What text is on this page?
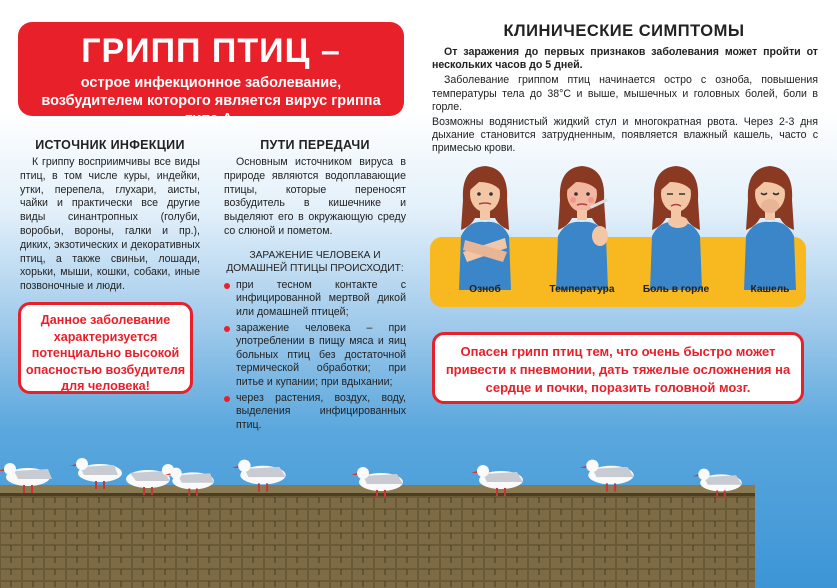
ГРИПП ПТИЦ –
острое инфекционное заболевание, возбудителем которого является вирус гриппа типа А.
ИСТОЧНИК ИНФЕКЦИИ

К гриппу восприимчивы все виды птиц, в том числе куры, индейки, утки, перепела, глухари, аисты, чайки и практически все другие виды синантропных (голуби, воробьи, вороны, галки и пр.), диких, экзотических и декоративных птиц, а также свиньи, лошади, хорьки, мыши, кошки, собаки, иные позвоночные и люди.

Данное заболевание характеризуется потенциально высокой опасностью возбудителя для человека!
ПУТИ ПЕРЕДАЧИ

Основным источником вируса в природе являются водоплавающие птицы, которые переносят возбудитель в кишечнике и выделяют его в окружающую среду со слюной и пометом.

ЗАРАЖЕНИЕ ЧЕЛОВЕКА И ДОМАШНЕЙ ПТИЦЫ ПРОИСХОДИТ:
при тесном контакте с инфицированной мертвой дикой или домашней птицей;
заражение человека – при употреблении в пищу мяса и яиц больных птиц без достаточной термической обработки; при питье и купании; при вдыхании;
через растения, воздух, воду, выделения инфицированных птиц.
КЛИНИЧЕСКИЕ СИМПТОМЫ

От заражения до первых признаков заболевания может пройти от нескольких часов до 5 дней.

Заболевание гриппом птиц начинается остро с озноба, повышения температуры тела до 38°С и выше, мышечных и головных болей, боли в горле.

Возможны водянистый жидкий стул и многократная рвота. Через 2-3 дня дыхание становится затрудненным, появляется влажный кашель, часто с примесью крови.

Озноб	Температура	Боль в горле	Кашель
Опасен грипп птиц тем, что очень быстро может привести к пневмонии, дать тяжелые осложнения на сердце и почки, поразить головной мозг.
